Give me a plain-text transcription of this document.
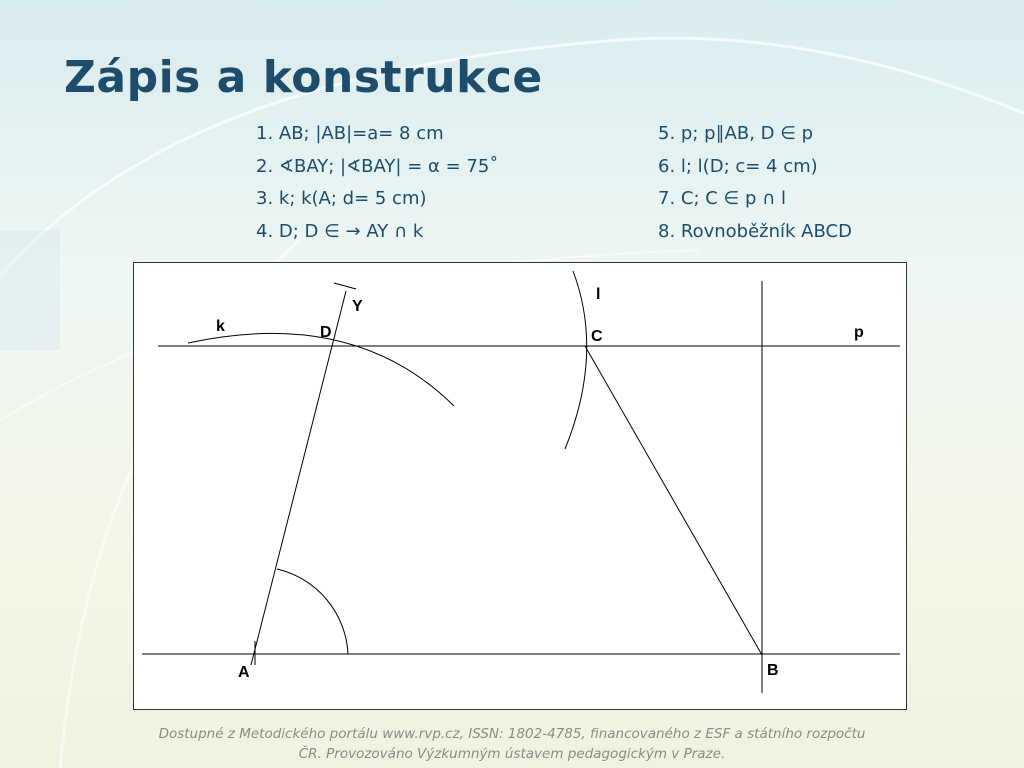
Zápis a konstrukce
1. AB; |AB|=a= 8 cm
2. ∢BAY; |∢BAY| = α = 75˚
3. k; k(A; d= 5 cm)
4. D; D ∈ → AY ∩ k
5. p; p∥AB, D ∈ p
6. l; l(D; c= 4 cm)
7. C; C ∈ p ∩ l
8. Rovnoběžník ABCD
Y
k	D
l
C	p
A	B
Dostupné z Metodického portálu www.rvp.cz, ISSN: 1802-4785, financovaného z ESF a státního rozpočtu
ČR. Provozováno Výzkumným ústavem pedagogickým v Praze.
